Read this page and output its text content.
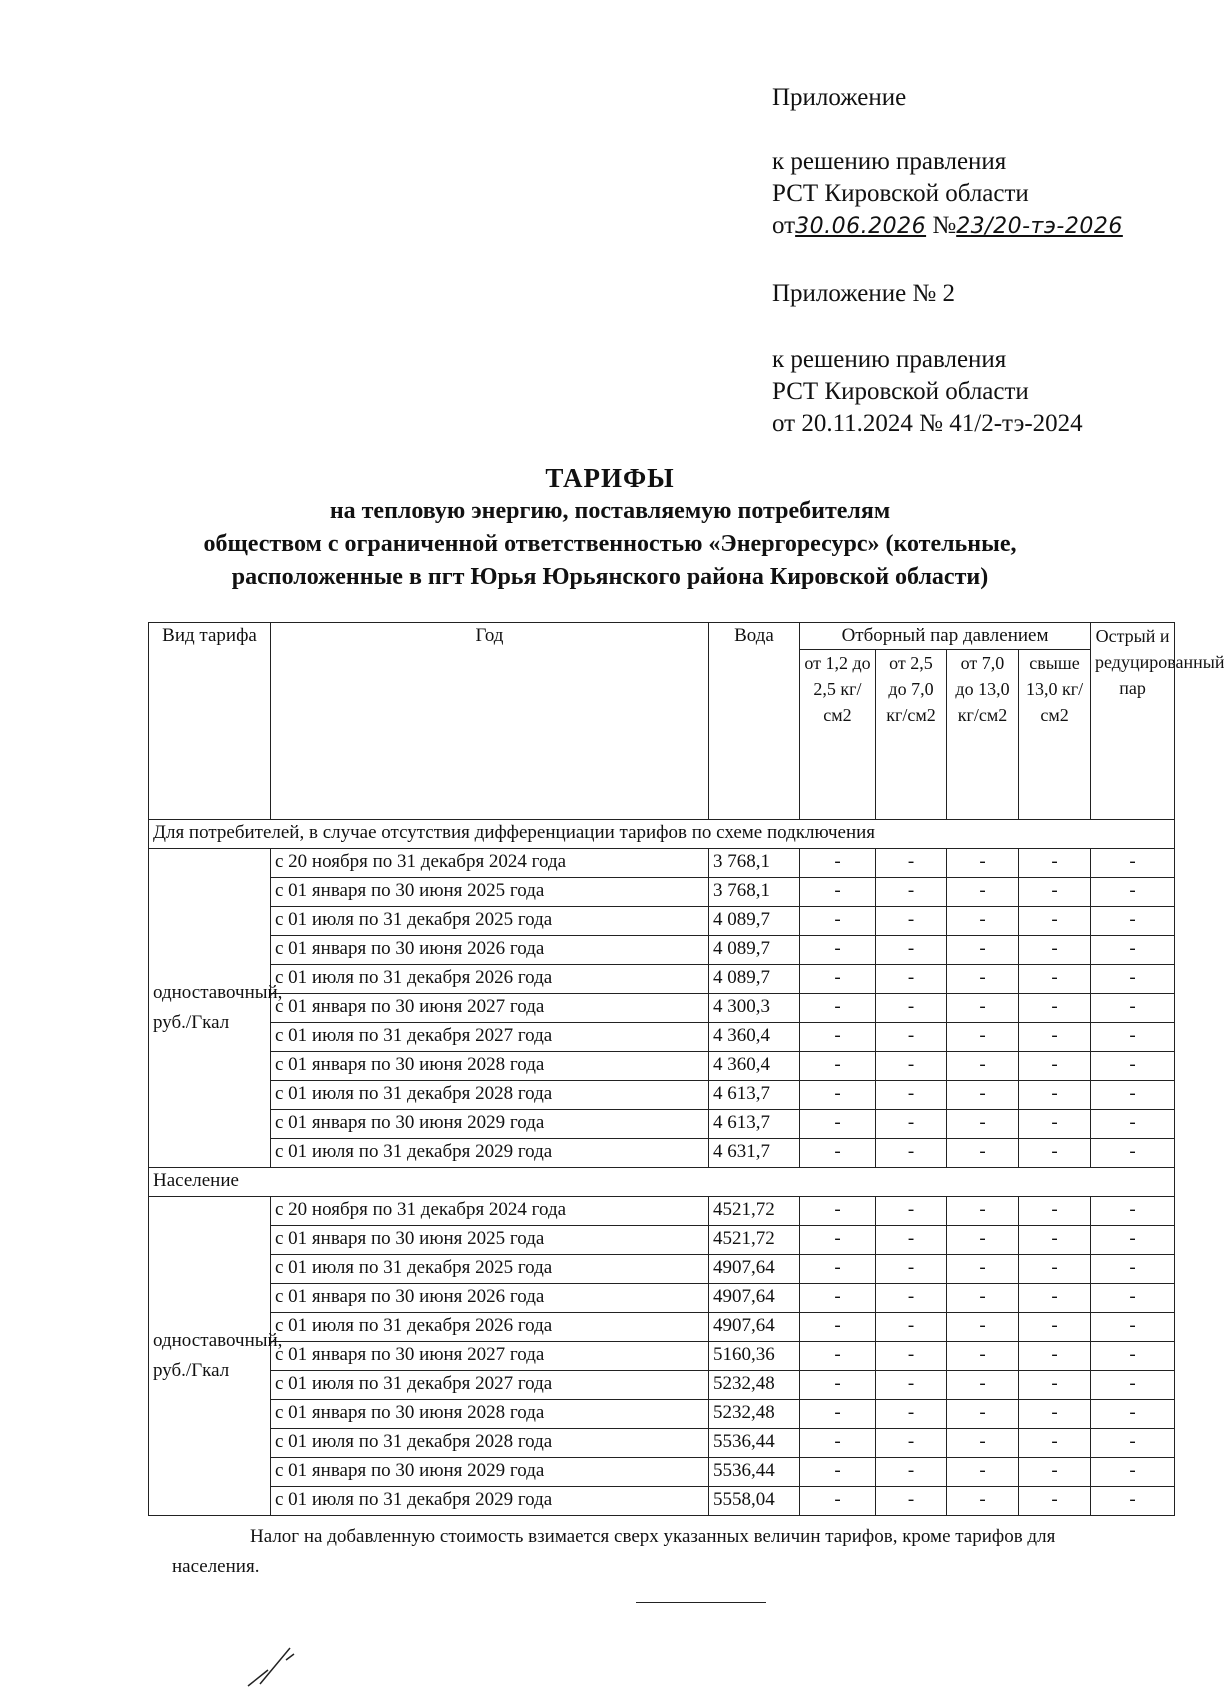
Приложение
к решению правления
РСТ Кировской области
от30.06.2026 №23/20-тэ-2026
Приложение № 2
к решению правления
РСТ Кировской области
от 20.11.2024 № 41/2-тэ-2024
ТАРИФЫ
на тепловую энергию, поставляемую потребителям
обществом с ограниченной ответственностью «Энергоресурс» (котельные,
расположенные в пгт Юрья Юрьянского района Кировской области)
Вид тарифа	Год	Вода	Отборный пар давлением				Острый и редуцированный пар
			от 1,2 до 2,5 кг/см2	от 2,5 до 7,0 кг/см2	от 7,0 до 13,0 кг/см2	свыше 13,0 кг/см2	
Для потребителей, в случае отсутствия дифференциации тарифов по схеме подключения							
одноставочный, руб./Гкал	с 20 ноября по 31 декабря 2024 года	3 768,1	-	-	-	-	-
	с 01 января по 30 июня 2025 года	3 768,1	-	-	-	-	-
	с 01 июля по 31 декабря 2025 года	4 089,7	-	-	-	-	-
	с 01 января по 30 июня 2026 года	4 089,7	-	-	-	-	-
	с 01 июля по 31 декабря 2026 года	4 089,7	-	-	-	-	-
	с 01 января по 30 июня 2027 года	4 300,3	-	-	-	-	-
	с 01 июля по 31 декабря 2027 года	4 360,4	-	-	-	-	-
	с 01 января по 30 июня 2028 года	4 360,4	-	-	-	-	-
	с 01 июля по 31 декабря 2028 года	4 613,7	-	-	-	-	-
	с 01 января по 30 июня 2029 года	4 613,7	-	-	-	-	-
	с 01 июля по 31 декабря 2029 года	4 631,7	-	-	-	-	-
Население							
одноставочный, руб./Гкал	с 20 ноября по 31 декабря 2024 года	4521,72	-	-	-	-	-
	с 01 января по 30 июня 2025 года	4521,72	-	-	-	-	-
	с 01 июля по 31 декабря 2025 года	4907,64	-	-	-	-	-
	с 01 января по 30 июня 2026 года	4907,64	-	-	-	-	-
	с 01 июля по 31 декабря 2026 года	4907,64	-	-	-	-	-
	с 01 января по 30 июня 2027 года	5160,36	-	-	-	-	-
	с 01 июля по 31 декабря 2027 года	5232,48	-	-	-	-	-
	с 01 января по 30 июня 2028 года	5232,48	-	-	-	-	-
	с 01 июля по 31 декабря 2028 года	5536,44	-	-	-	-	-
	с 01 января по 30 июня 2029 года	5536,44	-	-	-	-	-
	с 01 июля по 31 декабря 2029 года	5558,04	-	-	-	-	-
Налог на добавленную стоимость взимается сверх указанных величин тарифов, кроме тарифов для населения.
